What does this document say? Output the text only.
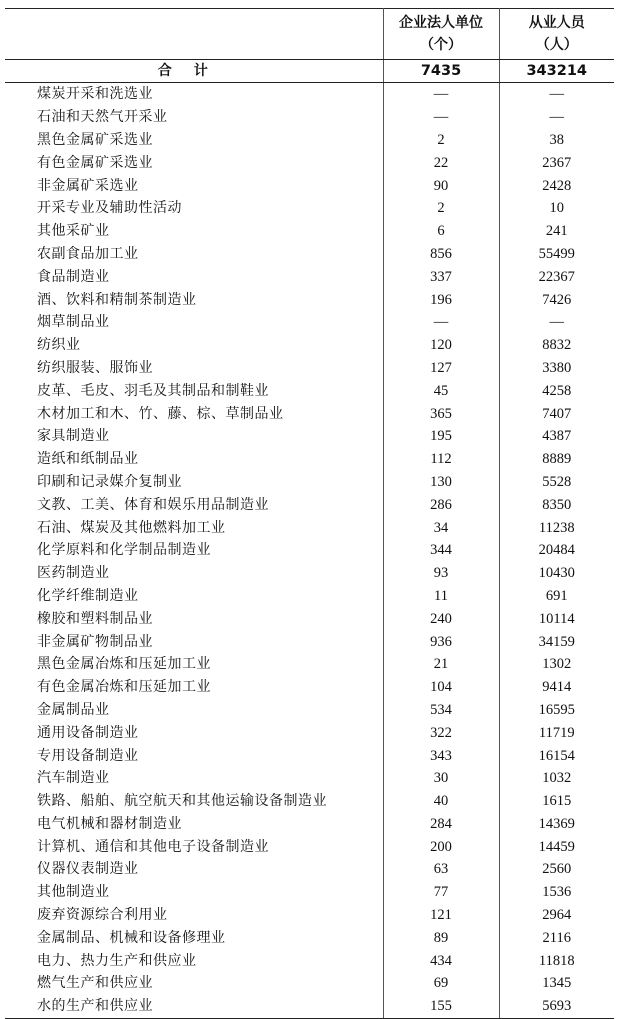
	企业法人单位
（个）	从业人员
（人）

合计	7435	343214
煤炭开采和洗选业	—	—
石油和天然气开采业	—	—
黑色金属矿采选业	2	38
有色金属矿采选业	22	2367
非金属矿采选业	90	2428
开采专业及辅助性活动	2	10
其他采矿业	6	241
农副食品加工业	856	55499
食品制造业	337	22367
酒、饮料和精制茶制造业	196	7426
烟草制品业	—	—
纺织业	120	8832
纺织服装、服饰业	127	3380
皮革、毛皮、羽毛及其制品和制鞋业	45	4258
木材加工和木、竹、藤、棕、草制品业	365	7407
家具制造业	195	4387
造纸和纸制品业	112	8889
印刷和记录媒介复制业	130	5528
文教、工美、体育和娱乐用品制造业	286	8350
石油、煤炭及其他燃料加工业	34	11238
化学原料和化学制品制造业	344	20484
医药制造业	93	10430
化学纤维制造业	11	691
橡胶和塑料制品业	240	10114
非金属矿物制品业	936	34159
黑色金属冶炼和压延加工业	21	1302
有色金属冶炼和压延加工业	104	9414
金属制品业	534	16595
通用设备制造业	322	11719
专用设备制造业	343	16154
汽车制造业	30	1032
铁路、船舶、航空航天和其他运输设备制造业	40	1615
电气机械和器材制造业	284	14369
计算机、通信和其他电子设备制造业	200	14459
仪器仪表制造业	63	2560
其他制造业	77	1536
废弃资源综合利用业	121	2964
金属制品、机械和设备修理业	89	2116
电力、热力生产和供应业	434	11818
燃气生产和供应业	69	1345
水的生产和供应业	155	5693
